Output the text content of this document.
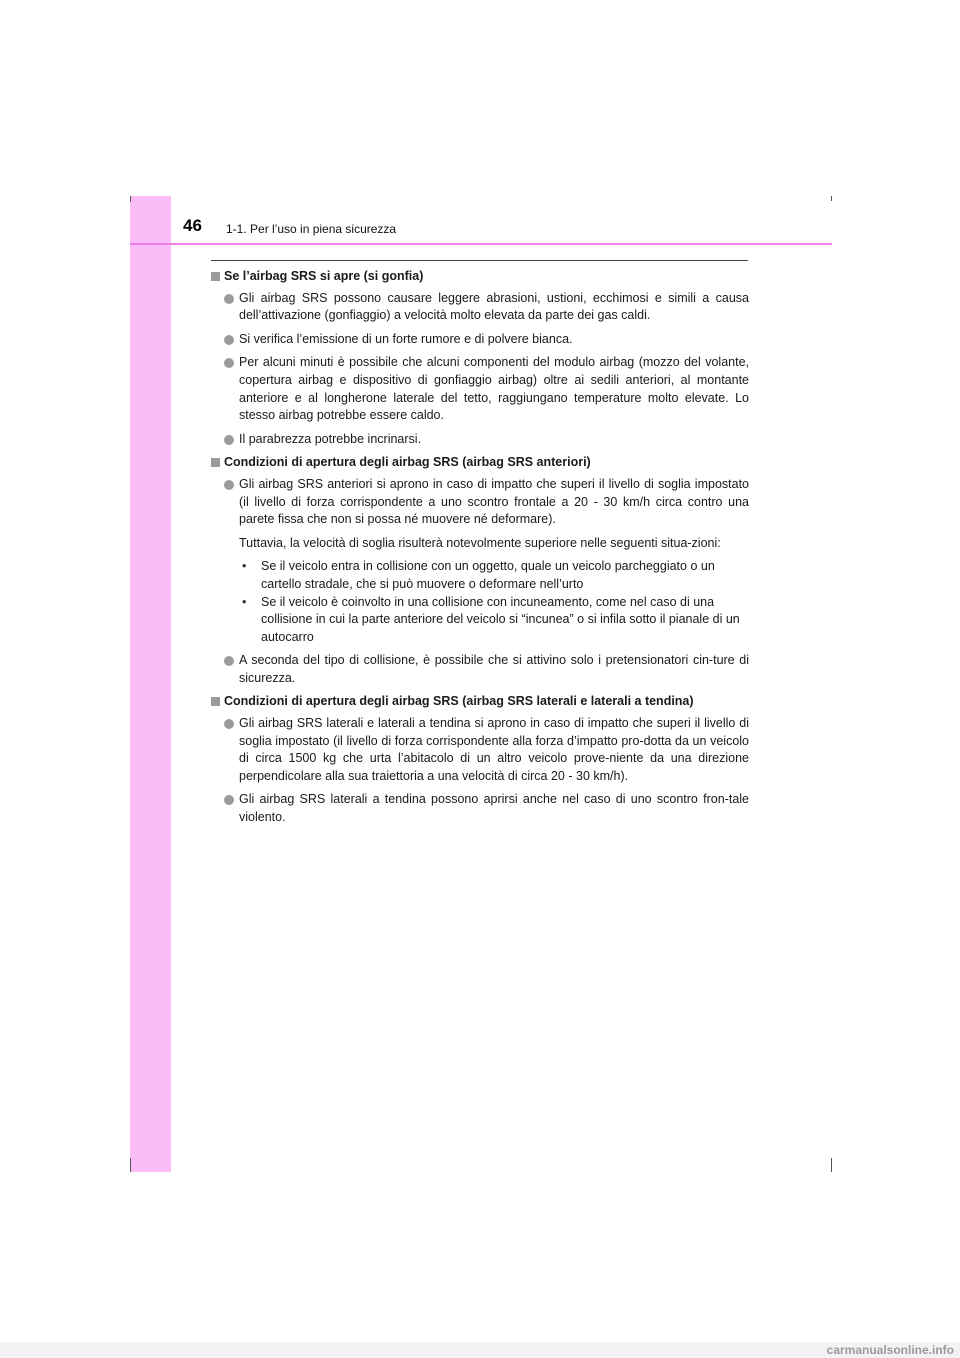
46 1-1. Per l’uso in piena sicurezza
Se l’airbag SRS si apre (si gonfia)
Gli airbag SRS possono causare leggere abrasioni, ustioni, ecchimosi e simili a causa dell’attivazione (gonfiaggio) a velocità molto elevata da parte dei gas caldi.
Si verifica l’emissione di un forte rumore e di polvere bianca.
Per alcuni minuti è possibile che alcuni componenti del modulo airbag (mozzo del volante, copertura airbag e dispositivo di gonfiaggio airbag) oltre ai sedili anteriori, al montante anteriore e al longherone laterale del tetto, raggiungano temperature molto elevate. Lo stesso airbag potrebbe essere caldo.
Il parabrezza potrebbe incrinarsi.
Condizioni di apertura degli airbag SRS (airbag SRS anteriori)
Gli airbag SRS anteriori si aprono in caso di impatto che superi il livello di soglia impostato (il livello di forza corrispondente a uno scontro frontale a 20 - 30 km/h circa contro una parete fissa che non si possa né muovere né deformare).
Tuttavia, la velocità di soglia risulterà notevolmente superiore nelle seguenti situa-zioni:
• Se il veicolo entra in collisione con un oggetto, quale un veicolo parcheggiato o un cartello stradale, che si può muovere o deformare nell’urto
• Se il veicolo è coinvolto in una collisione con incuneamento, come nel caso di una collisione in cui la parte anteriore del veicolo si “incunea” o si infila sotto il pianale di un autocarro
A seconda del tipo di collisione, è possibile che si attivino solo i pretensionatori cin-ture di sicurezza.
Condizioni di apertura degli airbag SRS (airbag SRS laterali e laterali a tendina)
Gli airbag SRS laterali e laterali a tendina si aprono in caso di impatto che superi il livello di soglia impostato (il livello di forza corrispondente alla forza d’impatto pro-dotta da un veicolo di circa 1500 kg che urta l’abitacolo di un altro veicolo prove-niente da una direzione perpendicolare alla sua traiettoria a una velocità di circa 20 - 30 km/h).
Gli airbag SRS laterali a tendina possono aprirsi anche nel caso di uno scontro fron-tale violento.
carmanualsonline.info
